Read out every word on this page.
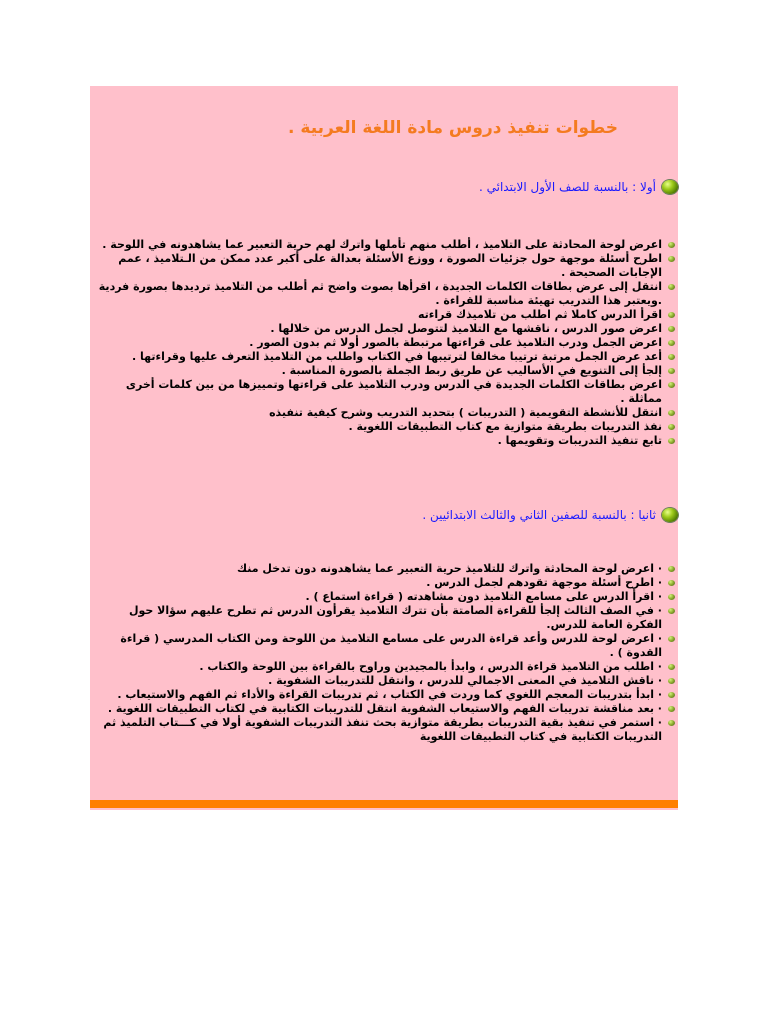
خطوات تنفيذ دروس مادة اللغة العربية .
أولا : بالنسبة للصف الأول الابتدائي .
اعرض لوحة المحادثة على التلاميذ ، أطلب منهم تأملها واترك لهم حرية التعبير عما يشاهدونه في اللوحة .
اطرح أسئلة موجهة حول جزئيات الصورة ، ووزع الأسئلة بعدالة على أكبر عدد ممكن من الـتلاميذ ، عمم الإجابات الصحيحة .
انتقل إلى عرض بطاقات الكلمات الجديدة ، اقرأها بصوت واضح ثم أطلب من التلاميذ ترديدها بصورة فردية .ويعتبر هذا التدريب تهيئة مناسبة للقراءة .
اقرأ الدرس كاملا ثم اطلب من تلاميذك قراءته
اعرض صور الدرس ، ناقشها مع التلاميذ لتتوصل لجمل الدرس من خلالها .
اعرض الجمل ودرب التلاميذ على قراءتها مرتبطة بالصور أولا ثم بدون الصور .
أعد عرض الجمل مرتبة ترتيبا مخالفا لترتيبها في الكتاب واطلب من التلاميذ التعرف عليها وقراءتها .
إلجأ إلى التنويع في الأساليب عن طريق ربط الجملة بالصورة المناسبة .
اعرض بطاقات الكلمات الجديدة في الدرس ودرب التلاميذ على قراءتها وتمييزها من بين كلمات أخرى مماثلة .
انتقل للأنشطة التقويمية ( التدريبات ) بتحديد التدريب وشرح كيفية تنفيذه
نفذ التدريبات بطريقة متوازية مع كتاب التطبيقات اللغوية .
تابع تنفيذ التدريبات وتقويمها .
ثانيا : بالنسبة للصفين الثاني والثالث الابتدائيين .
· اعرض لوحة المحادثة واترك للتلاميذ حرية التعبير عما يشاهدونه دون تدخل منك
· اطرح أسئلة موجهة تقودهم لجمل الدرس .
· اقرأ الدرس على مسامع التلاميذ دون مشاهدته ( قراءة استماع ) .
· في الصف الثالث إلجأ للقراءة الصامتة بأن تترك التلاميذ يقرأون الدرس ثم تطرح عليهم سؤالا حول الفكرة العامة للدرس.
· اعرض لوحة للدرس وأعد قراءة الدرس على مسامع التلاميذ من اللوحة ومن الكتاب المدرسي ( قراءة القدوة ) .
· اطلب من التلاميذ قراءة الدرس ، وابدأ بالمجيدين وراوح بالقراءة بين اللوحة والكتاب .
· ناقش التلاميذ في المعنى الاجمالي للدرس ، وانتقل للتدريبات الشفوية .
· ابدأ بتدريبات المعجم اللغوي كما وردت في الكتاب ، ثم تدريبات القراءة والأداء ثم الفهم والاستيعاب .
· بعد مناقشة تدريبات الفهم والاستيعاب الشفوية انتقل للتدريبات الكتابية في لكتاب التطبيقات اللغوية .
· استمر في تنفيذ بقية التدريبات بطريقة متوازية بحث تنفذ التدريبات الشفوية أولا في كـــتاب التلميذ ثم التدريبات الكتابية في كتاب التطبيقات اللغوية
